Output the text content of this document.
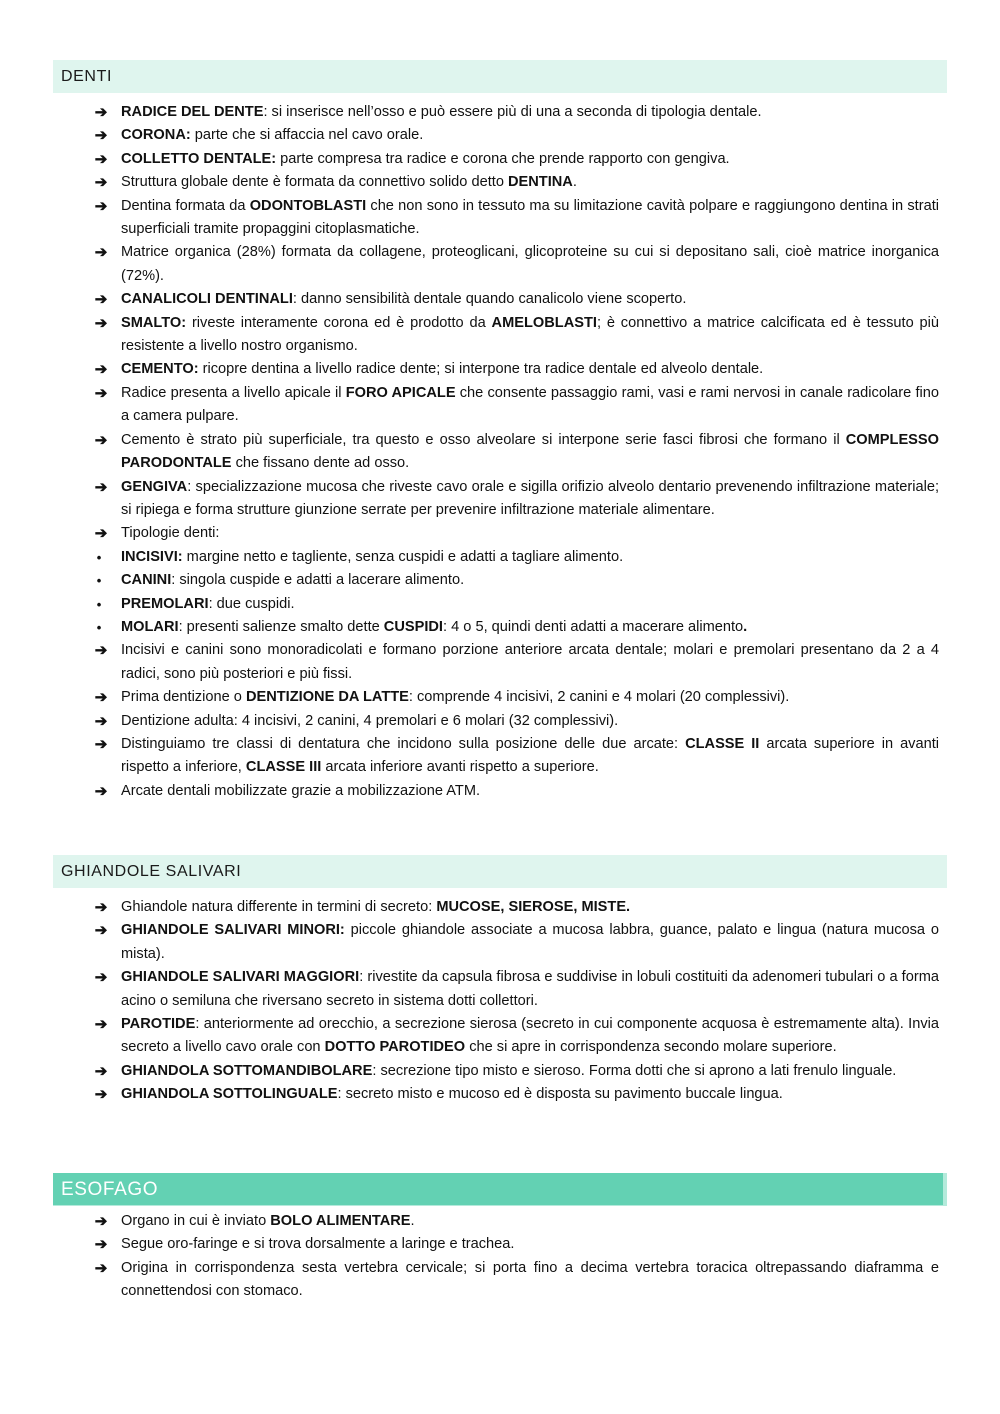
DENTI
➔ RADICE DEL DENTE: si inserisce nell’osso e può essere più di una a seconda di tipologia dentale.
➔ CORONA: parte che si affaccia nel cavo orale.
➔ COLLETTO DENTALE: parte compresa tra radice e corona che prende rapporto con gengiva.
➔ Struttura globale dente è formata da connettivo solido detto DENTINA.
➔ Dentina formata da ODONTOBLASTI che non sono in tessuto ma su limitazione cavità polpare e raggiungono dentina in strati superficiali tramite propaggini citoplasmatiche.
➔ Matrice organica (28%) formata da collagene, proteoglicani, glicoproteine su cui si depositano sali, cioè matrice inorganica (72%).
➔ CANALICOLI DENTINALI: danno sensibilità dentale quando canalicolo viene scoperto.
➔ SMALTO: riveste interamente corona ed è prodotto da AMELOBLASTI; è connettivo a matrice calcificata ed è tessuto più resistente a livello nostro organismo.
➔ CEMENTO: ricopre dentina a livello radice dente; si interpone tra radice dentale ed alveolo dentale.
➔ Radice presenta a livello apicale il FORO APICALE che consente passaggio rami, vasi e rami nervosi in canale radicolare fino a camera pulpare.
➔ Cemento è strato più superficiale, tra questo e osso alveolare si interpone serie fasci fibrosi che formano il COMPLESSO PARODONTALE che fissano dente ad osso.
➔ GENGIVA: specializzazione mucosa che riveste cavo orale e sigilla orifizio alveolo dentario prevenendo infiltrazione materiale; si ripiega e forma strutture giunzione serrate per prevenire infiltrazione materiale alimentare.
➔ Tipologie denti:
•	INCISIVI: margine netto e tagliente, senza cuspidi e adatti a tagliare alimento.
•	CANINI: singola cuspide e adatti a lacerare alimento.
•	PREMOLARI: due cuspidi.
•	MOLARI: presenti salienze smalto dette CUSPIDI: 4 o 5, quindi denti adatti a macerare alimento.
➔ Incisivi e canini sono monoradicolati e formano porzione anteriore arcata dentale; molari e premolari presentano da 2 a 4 radici, sono più posteriori e più fissi.
➔ Prima dentizione o DENTIZIONE DA LATTE: comprende 4 incisivi, 2 canini e 4 molari (20 complessivi).
➔ Dentizione adulta: 4 incisivi, 2 canini, 4 premolari e 6 molari (32 complessivi).
➔ Distinguiamo tre classi di dentatura che incidono sulla posizione delle due arcate: CLASSE II arcata superiore in avanti rispetto a inferiore, CLASSE III arcata inferiore avanti rispetto a superiore.
➔ Arcate dentali mobilizzate grazie a mobilizzazione ATM.
GHIANDOLE SALIVARI
➔ Ghiandole natura differente in termini di secreto: MUCOSE, SIEROSE, MISTE.
➔ GHIANDOLE SALIVARI MINORI: piccole ghiandole associate a mucosa labbra, guance, palato e lingua (natura mucosa o mista).
➔ GHIANDOLE SALIVARI MAGGIORI: rivestite da capsula fibrosa e suddivise in lobuli costituiti da adenomeri tubulari o a forma acino o semiluna che riversano secreto in sistema dotti collettori.
➔ PAROTIDE: anteriormente ad orecchio, a secrezione sierosa (secreto in cui componente acquosa è estremamente alta). Invia secreto a livello cavo orale con DOTTO PAROTIDEO che si apre in corrispondenza secondo molare superiore.
➔ GHIANDOLA SOTTOMANDIBOLARE: secrezione tipo misto e sieroso. Forma dotti che si aprono a lati frenulo linguale.
➔ GHIANDOLA SOTTOLINGUALE: secreto misto e mucoso ed è disposta su pavimento buccale lingua.
ESOFAGO
➔ Organo in cui è inviato BOLO ALIMENTARE.
➔ Segue oro-faringe e si trova dorsalmente a laringe e trachea.
➔ Origina in corrispondenza sesta vertebra cervicale; si porta fino a decima vertebra toracica oltrepassando diaframma e connettendosi con stomaco.
